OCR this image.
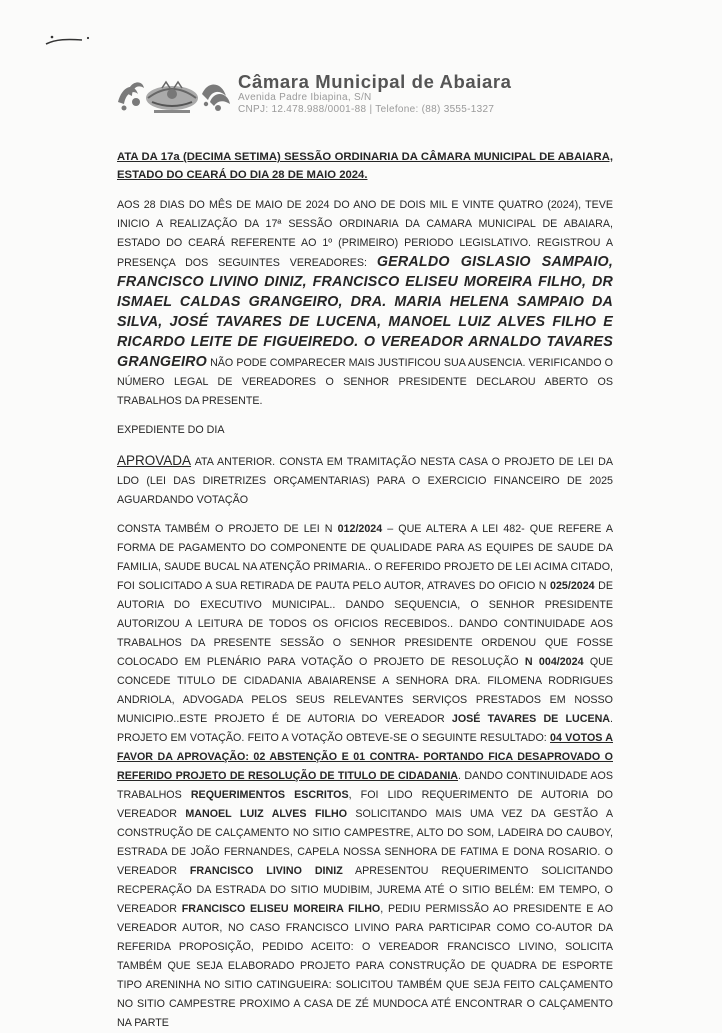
Câmara Municipal de Abaiara
Avenida Padre Ibiapina, S/N
CNPJ: 12.478.988/0001-88 | Telefone: (88) 3555-1327

ATA DA 17a (DECIMA SETIMA) SESSÃO ORDINARIA DA CÂMARA MUNICIPAL DE ABAIARA, ESTADO DO CEARÁ DO DIA 28 DE MAIO 2024.

AOS 28 DIAS DO MÊS DE MAIO DE 2024 DO ANO DE DOIS MIL E VINTE QUATRO (2024), TEVE INICIO A REALIZAÇÃO DA 17ª SESSÃO ORDINARIA DA CAMARA MUNICIPAL DE ABAIARA, ESTADO DO CEARÁ REFERENTE AO 1º (PRIMEIRO) PERIODO LEGISLATIVO. REGISTROU A PRESENÇA DOS SEGUINTES VEREADORES: GERALDO GISLASIO SAMPAIO, FRANCISCO LIVINO DINIZ, FRANCISCO ELISEU MOREIRA FILHO, DR ISMAEL CALDAS GRANGEIRO, DRA. MARIA HELENA SAMPAIO DA SILVA, JOSÉ TAVARES DE LUCENA, MANOEL LUIZ ALVES FILHO E RICARDO LEITE DE FIGUEIREDO. O VEREADOR ARNALDO TAVARES GRANGEIRO NÃO PODE COMPARECER MAIS JUSTIFICOU SUA AUSENCIA. VERIFICANDO O NÚMERO LEGAL DE VEREADORES O SENHOR PRESIDENTE DECLAROU ABERTO OS TRABALHOS DA PRESENTE.

EXPEDIENTE DO DIA

APROVADA ATA ANTERIOR. CONSTA EM TRAMITAÇÃO NESTA CASA O PROJETO DE LEI DA LDO (LEI DAS DIRETRIZES ORÇAMENTARIAS) PARA O EXERCICIO FINANCEIRO DE 2025 AGUARDANDO VOTAÇÃO

CONSTA TAMBÉM O PROJETO DE LEI N 012/2024 – QUE ALTERA A LEI 482- QUE REFERE A FORMA DE PAGAMENTO DO COMPONENTE DE QUALIDADE PARA AS EQUIPES DE SAUDE DA FAMILIA, SAUDE BUCAL NA ATENÇÃO PRIMARIA.. O REFERIDO PROJETO DE LEI ACIMA CITADO, FOI SOLICITADO A SUA RETIRADA DE PAUTA PELO AUTOR, ATRAVES DO OFICIO N 025/2024 DE AUTORIA DO EXECUTIVO MUNICIPAL.. DANDO SEQUENCIA, O SENHOR PRESIDENTE AUTORIZOU A LEITURA DE TODOS OS OFICIOS RECEBIDOS.. DANDO CONTINUIDADE AOS TRABALHOS DA PRESENTE SESSÃO O SENHOR PRESIDENTE ORDENOU QUE FOSSE COLOCADO EM PLENÁRIO PARA VOTAÇÃO O PROJETO DE RESOLUÇÃO N 004/2024 QUE CONCEDE TITULO DE CIDADANIA ABAIARENSE A SENHORA DRA. FILOMENA RODRIGUES ANDRIOLA, ADVOGADA PELOS SEUS RELEVANTES SERVIÇOS PRESTADOS EM NOSSO MUNICIPIO..ESTE PROJETO É DE AUTORIA DO VEREADOR JOSÉ TAVARES DE LUCENA. PROJETO EM VOTAÇÃO. FEITO A VOTAÇÃO OBTEVE-SE O SEGUINTE RESULTADO: 04 VOTOS A FAVOR DA APROVAÇÃO: 02 ABSTENÇÃO E 01 CONTRA- PORTANDO FICA DESAPROVADO O REFERIDO PROJETO DE RESOLUÇÃO DE TITULO DE CIDADANIA. DANDO CONTINUIDADE AOS TRABALHOS REQUERIMENTOS ESCRITOS, FOI LIDO REQUERIMENTO DE AUTORIA DO VEREADOR MANOEL LUIZ ALVES FILHO SOLICITANDO MAIS UMA VEZ DA GESTÃO A CONSTRUÇÃO DE CALÇAMENTO NO SITIO CAMPESTRE, ALTO DO SOM, LADEIRA DO CAUBOY, ESTRADA DE JOÃO FERNANDES, CAPELA NOSSA SENHORA DE FATIMA E DONA ROSARIO. O VEREADOR FRANCISCO LIVINO DINIZ APRESENTOU REQUERIMENTO SOLICITANDO RECPERAÇÃO DA ESTRADA DO SITIO MUDIBIM, JUREMA ATÉ O SITIO BELÉM: EM TEMPO, O VEREADOR FRANCISCO ELISEU MOREIRA FILHO, PEDIU PERMISSÃO AO PRESIDENTE E AO VEREADOR AUTOR, NO CASO FRANCISCO LIVINO PARA PARTICIPAR COMO CO-AUTOR DA REFERIDA PROPOSIÇÃO, PEDIDO ACEITO: O VEREADOR FRANCISCO LIVINO, SOLICITA TAMBÉM QUE SEJA ELABORADO PROJETO PARA CONSTRUÇÃO DE QUADRA DE ESPORTE TIPO ARENINHA NO SITIO CATINGUEIRA: SOLICITOU TAMBÉM QUE SEJA FEITO CALÇAMENTO NO SITIO CAMPESTRE PROXIMO A CASA DE ZÉ MUNDOCA ATÉ ENCONTRAR O CALÇAMENTO NA PARTE
